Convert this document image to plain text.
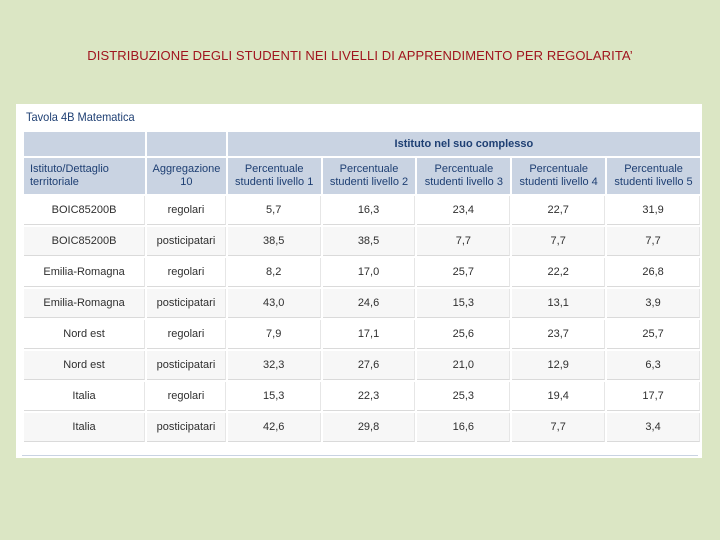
DISTRIBUZIONE DEGLI STUDENTI NEI LIVELLI DI APPRENDIMENTO PER REGOLARITA’
Tavola 4B Matematica
		Istituto nel suo complesso				
Istituto/Dettaglio territoriale	Aggregazione 10	Percentuale studenti livello 1	Percentuale studenti livello 2	Percentuale studenti livello 3	Percentuale studenti livello 4	Percentuale studenti livello 5
BOIC85200B	regolari	5,7	16,3	23,4	22,7	31,9
BOIC85200B	posticipatari	38,5	38,5	7,7	7,7	7,7
Emilia-Romagna	regolari	8,2	17,0	25,7	22,2	26,8
Emilia-Romagna	posticipatari	43,0	24,6	15,3	13,1	3,9
Nord est	regolari	7,9	17,1	25,6	23,7	25,7
Nord est	posticipatari	32,3	27,6	21,0	12,9	6,3
Italia	regolari	15,3	22,3	25,3	19,4	17,7
Italia	posticipatari	42,6	29,8	16,6	7,7	3,4
